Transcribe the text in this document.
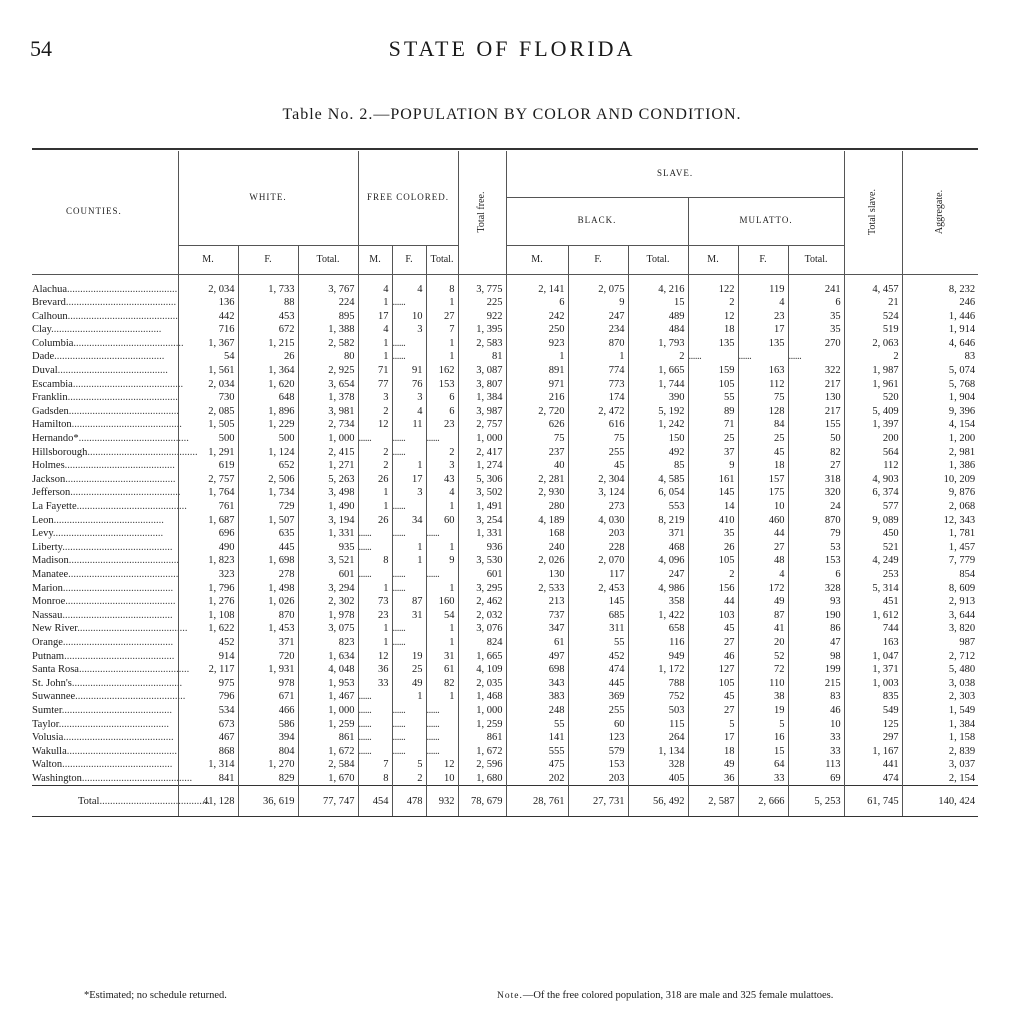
54	STATE OF FLORIDA
Table No. 2.—POPULATION BY COLOR AND CONDITION.
COUNTIES.	WHITE.			FREE COLORED.			Total free.	SLAVE.						Total slave.	Aggregate.

								BLACK.			MULATTO.				
	M.	F.	Total.	M.	F.	Total.		M.	F.	Total.	M.	F.	Total.		

Alachua..........................................	2, 034	1, 733	3, 767	4	4	8	3, 775	2, 141	2, 075	4, 216	122	119	241	4, 457	8, 232
Brevard..........................................	136	88	224	1	......	1	225	6	9	15	2	4	6	21	246
Calhoun..........................................	442	453	895	17	10	27	922	242	247	489	12	23	35	524	1, 446
Clay..........................................	716	672	1, 388	4	3	7	1, 395	250	234	484	18	17	35	519	1, 914
Columbia..........................................	1, 367	1, 215	2, 582	1	......	1	2, 583	923	870	1, 793	135	135	270	2, 063	4, 646
Dade..........................................	54	26	80	1	......	1	81	1	1	2	......	......	......	2	83
Duval..........................................	1, 561	1, 364	2, 925	71	91	162	3, 087	891	774	1, 665	159	163	322	1, 987	5, 074
Escambia..........................................	2, 034	1, 620	3, 654	77	76	153	3, 807	971	773	1, 744	105	112	217	1, 961	5, 768
Franklin..........................................	730	648	1, 378	3	3	6	1, 384	216	174	390	55	75	130	520	1, 904
Gadsden..........................................	2, 085	1, 896	3, 981	2	4	6	3, 987	2, 720	2, 472	5, 192	89	128	217	5, 409	9, 396
Hamilton..........................................	1, 505	1, 229	2, 734	12	11	23	2, 757	626	616	1, 242	71	84	155	1, 397	4, 154
Hernando*..........................................	500	500	1, 000	......	......	......	1, 000	75	75	150	25	25	50	200	1, 200
Hillsborough..........................................	1, 291	1, 124	2, 415	2	......	2	2, 417	237	255	492	37	45	82	564	2, 981
Holmes..........................................	619	652	1, 271	2	1	3	1, 274	40	45	85	9	18	27	112	1, 386
Jackson..........................................	2, 757	2, 506	5, 263	26	17	43	5, 306	2, 281	2, 304	4, 585	161	157	318	4, 903	10, 209
Jefferson..........................................	1, 764	1, 734	3, 498	1	3	4	3, 502	2, 930	3, 124	6, 054	145	175	320	6, 374	9, 876
La Fayette..........................................	761	729	1, 490	1	......	1	1, 491	280	273	553	14	10	24	577	2, 068
Leon..........................................	1, 687	1, 507	3, 194	26	34	60	3, 254	4, 189	4, 030	8, 219	410	460	870	9, 089	12, 343
Levy..........................................	696	635	1, 331	......	......	......	1, 331	168	203	371	35	44	79	450	1, 781
Liberty..........................................	490	445	935	......	1	1	936	240	228	468	26	27	53	521	1, 457
Madison..........................................	1, 823	1, 698	3, 521	8	1	9	3, 530	2, 026	2, 070	4, 096	105	48	153	4, 249	7, 779
Manatee..........................................	323	278	601	......	......	......	601	130	117	247	2	4	6	253	854
Marion..........................................	1, 796	1, 498	3, 294	1	......	1	3, 295	2, 533	2, 453	4, 986	156	172	328	5, 314	8, 609
Monroe..........................................	1, 276	1, 026	2, 302	73	87	160	2, 462	213	145	358	44	49	93	451	2, 913
Nassau..........................................	1, 108	870	1, 978	23	31	54	2, 032	737	685	1, 422	103	87	190	1, 612	3, 644
New River..........................................	1, 622	1, 453	3, 075	1	......	1	3, 076	347	311	658	45	41	86	744	3, 820
Orange..........................................	452	371	823	1	......	1	824	61	55	116	27	20	47	163	987
Putnam..........................................	914	720	1, 634	12	19	31	1, 665	497	452	949	46	52	98	1, 047	2, 712
Santa Rosa..........................................	2, 117	1, 931	4, 048	36	25	61	4, 109	698	474	1, 172	127	72	199	1, 371	5, 480
St. John's..........................................	975	978	1, 953	33	49	82	2, 035	343	445	788	105	110	215	1, 003	3, 038
Suwannee..........................................	796	671	1, 467	......	1	1	1, 468	383	369	752	45	38	83	835	2, 303
Sumter..........................................	534	466	1, 000	......	......	......	1, 000	248	255	503	27	19	46	549	1, 549
Taylor..........................................	673	586	1, 259	......	......	......	1, 259	55	60	115	5	5	10	125	1, 384
Volusia..........................................	467	394	861	......	......	......	861	141	123	264	17	16	33	297	1, 158
Wakulla..........................................	868	804	1, 672	......	......	......	1, 672	555	579	1, 134	18	15	33	1, 167	2, 839
Walton..........................................	1, 314	1, 270	2, 584	7	5	12	2, 596	475	153	328	49	64	113	441	3, 037
Washington..........................................	841	829	1, 670	8	2	10	1, 680	202	203	405	36	33	69	474	2, 154
Total..........................................	41, 128	36, 619	77, 747	454	478	932	78, 679	28, 761	27, 731	56, 492	2, 587	2, 666	5, 253	61, 745	140, 424
*Estimated; no schedule returned.	Note.—Of the free colored population, 318 are male and 325 female mulattoes.
